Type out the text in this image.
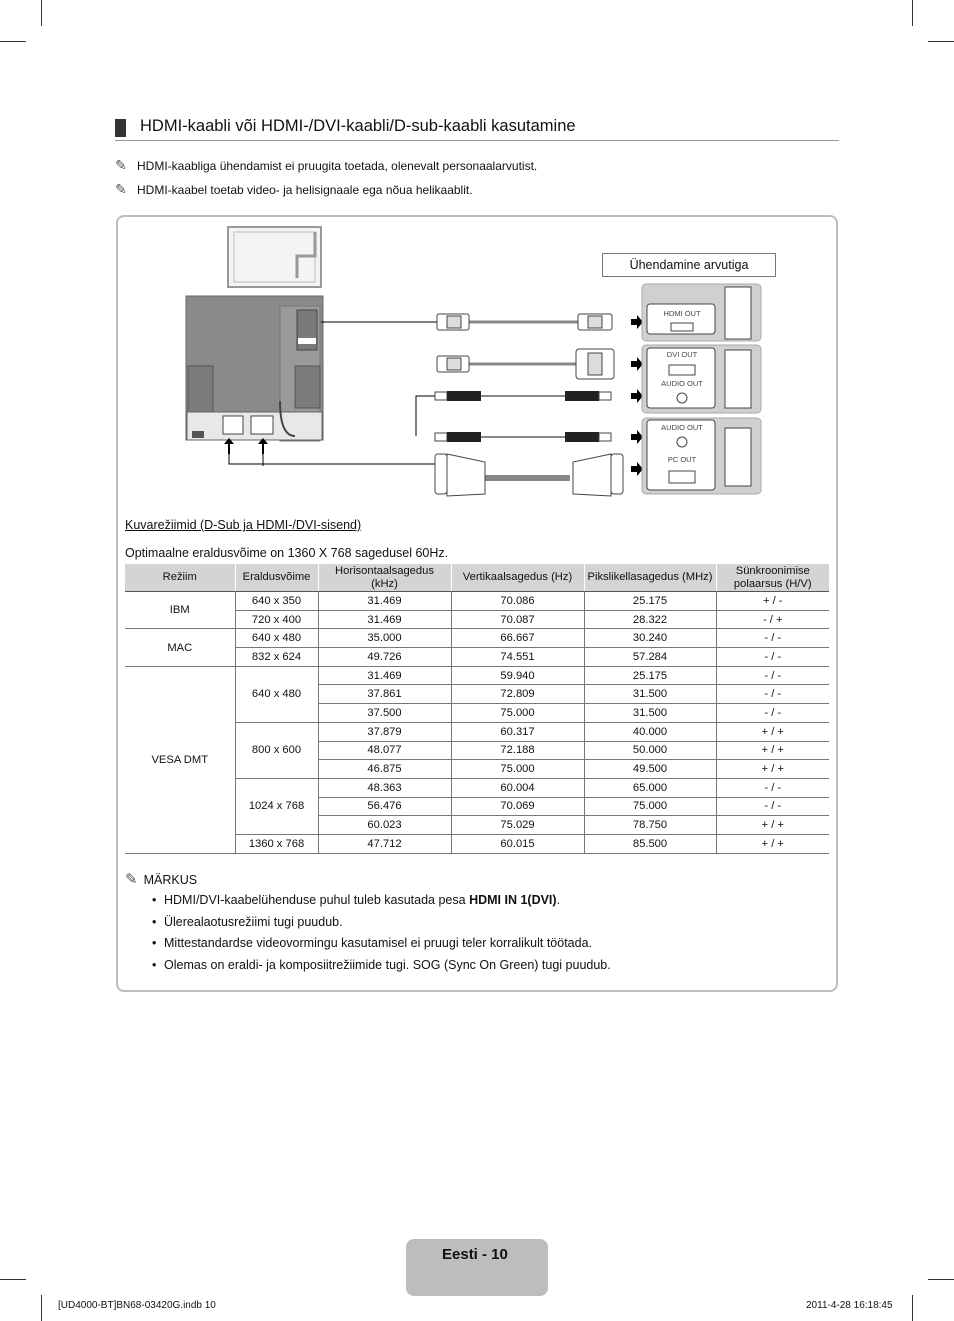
HDMI-kaabli või HDMI-/DVI-kaabli/D-sub-kaabli kasutamine
✎ HDMI-kaabliga ühendamist ei pruugita toetada, olenevalt personaalarvutist.
✎ HDMI-kaabel toetab video- ja helisignaale ega nõua helikaablit.
HDMI OUT
DVI OUT
AUDIO OUT
AUDIO OUT
PC OUT
Ühendamine arvutiga
Kuvarežiimid (D-Sub ja HDMI-/DVI-sisend)
Optimaalne eraldusvõime on 1360 X 768 sagedusel 60Hz.
Režiim	Eraldusvõime	Horisontaalsagedus (kHz)	Vertikaalsagedus (Hz)	Pikslikellasagedus (MHz)	Sünkroonimise polaarsus (H/V)
IBM	640 x 350	31.469	70.086	25.175	+ / -
	720 x 400	31.469	70.087	28.322	- / +
MAC	640 x 480	35.000	66.667	30.240	- / -
	832 x 624	49.726	74.551	57.284	- / -
VESA DMT	640 x 480	31.469	59.940	25.175	- / -
		37.861	72.809	31.500	- / -
		37.500	75.000	31.500	- / -
	800 x 600	37.879	60.317	40.000	+ / +
		48.077	72.188	50.000	+ / +
		46.875	75.000	49.500	+ / +
	1024 x 768	48.363	60.004	65.000	- / -
		56.476	70.069	75.000	- / -
		60.023	75.029	78.750	+ / +
	1360 x 768	47.712	60.015	85.500	+ / +
✎ MÄRKUS
• HDMI/DVI-kaabelühenduse puhul tuleb kasutada pesa HDMI IN 1(DVI).
• Ülerealaotusrežiimi tugi puudub.
• Mittestandardse videovormingu kasutamisel ei pruugi teler korralikult töötada.
• Olemas on eraldi- ja komposiitrežiimide tugi. SOG (Sync On Green) tugi puudub.
Eesti - 10
[UD4000-BT]BN68-03420G.indb 10	2011-4-28 16:18:45
